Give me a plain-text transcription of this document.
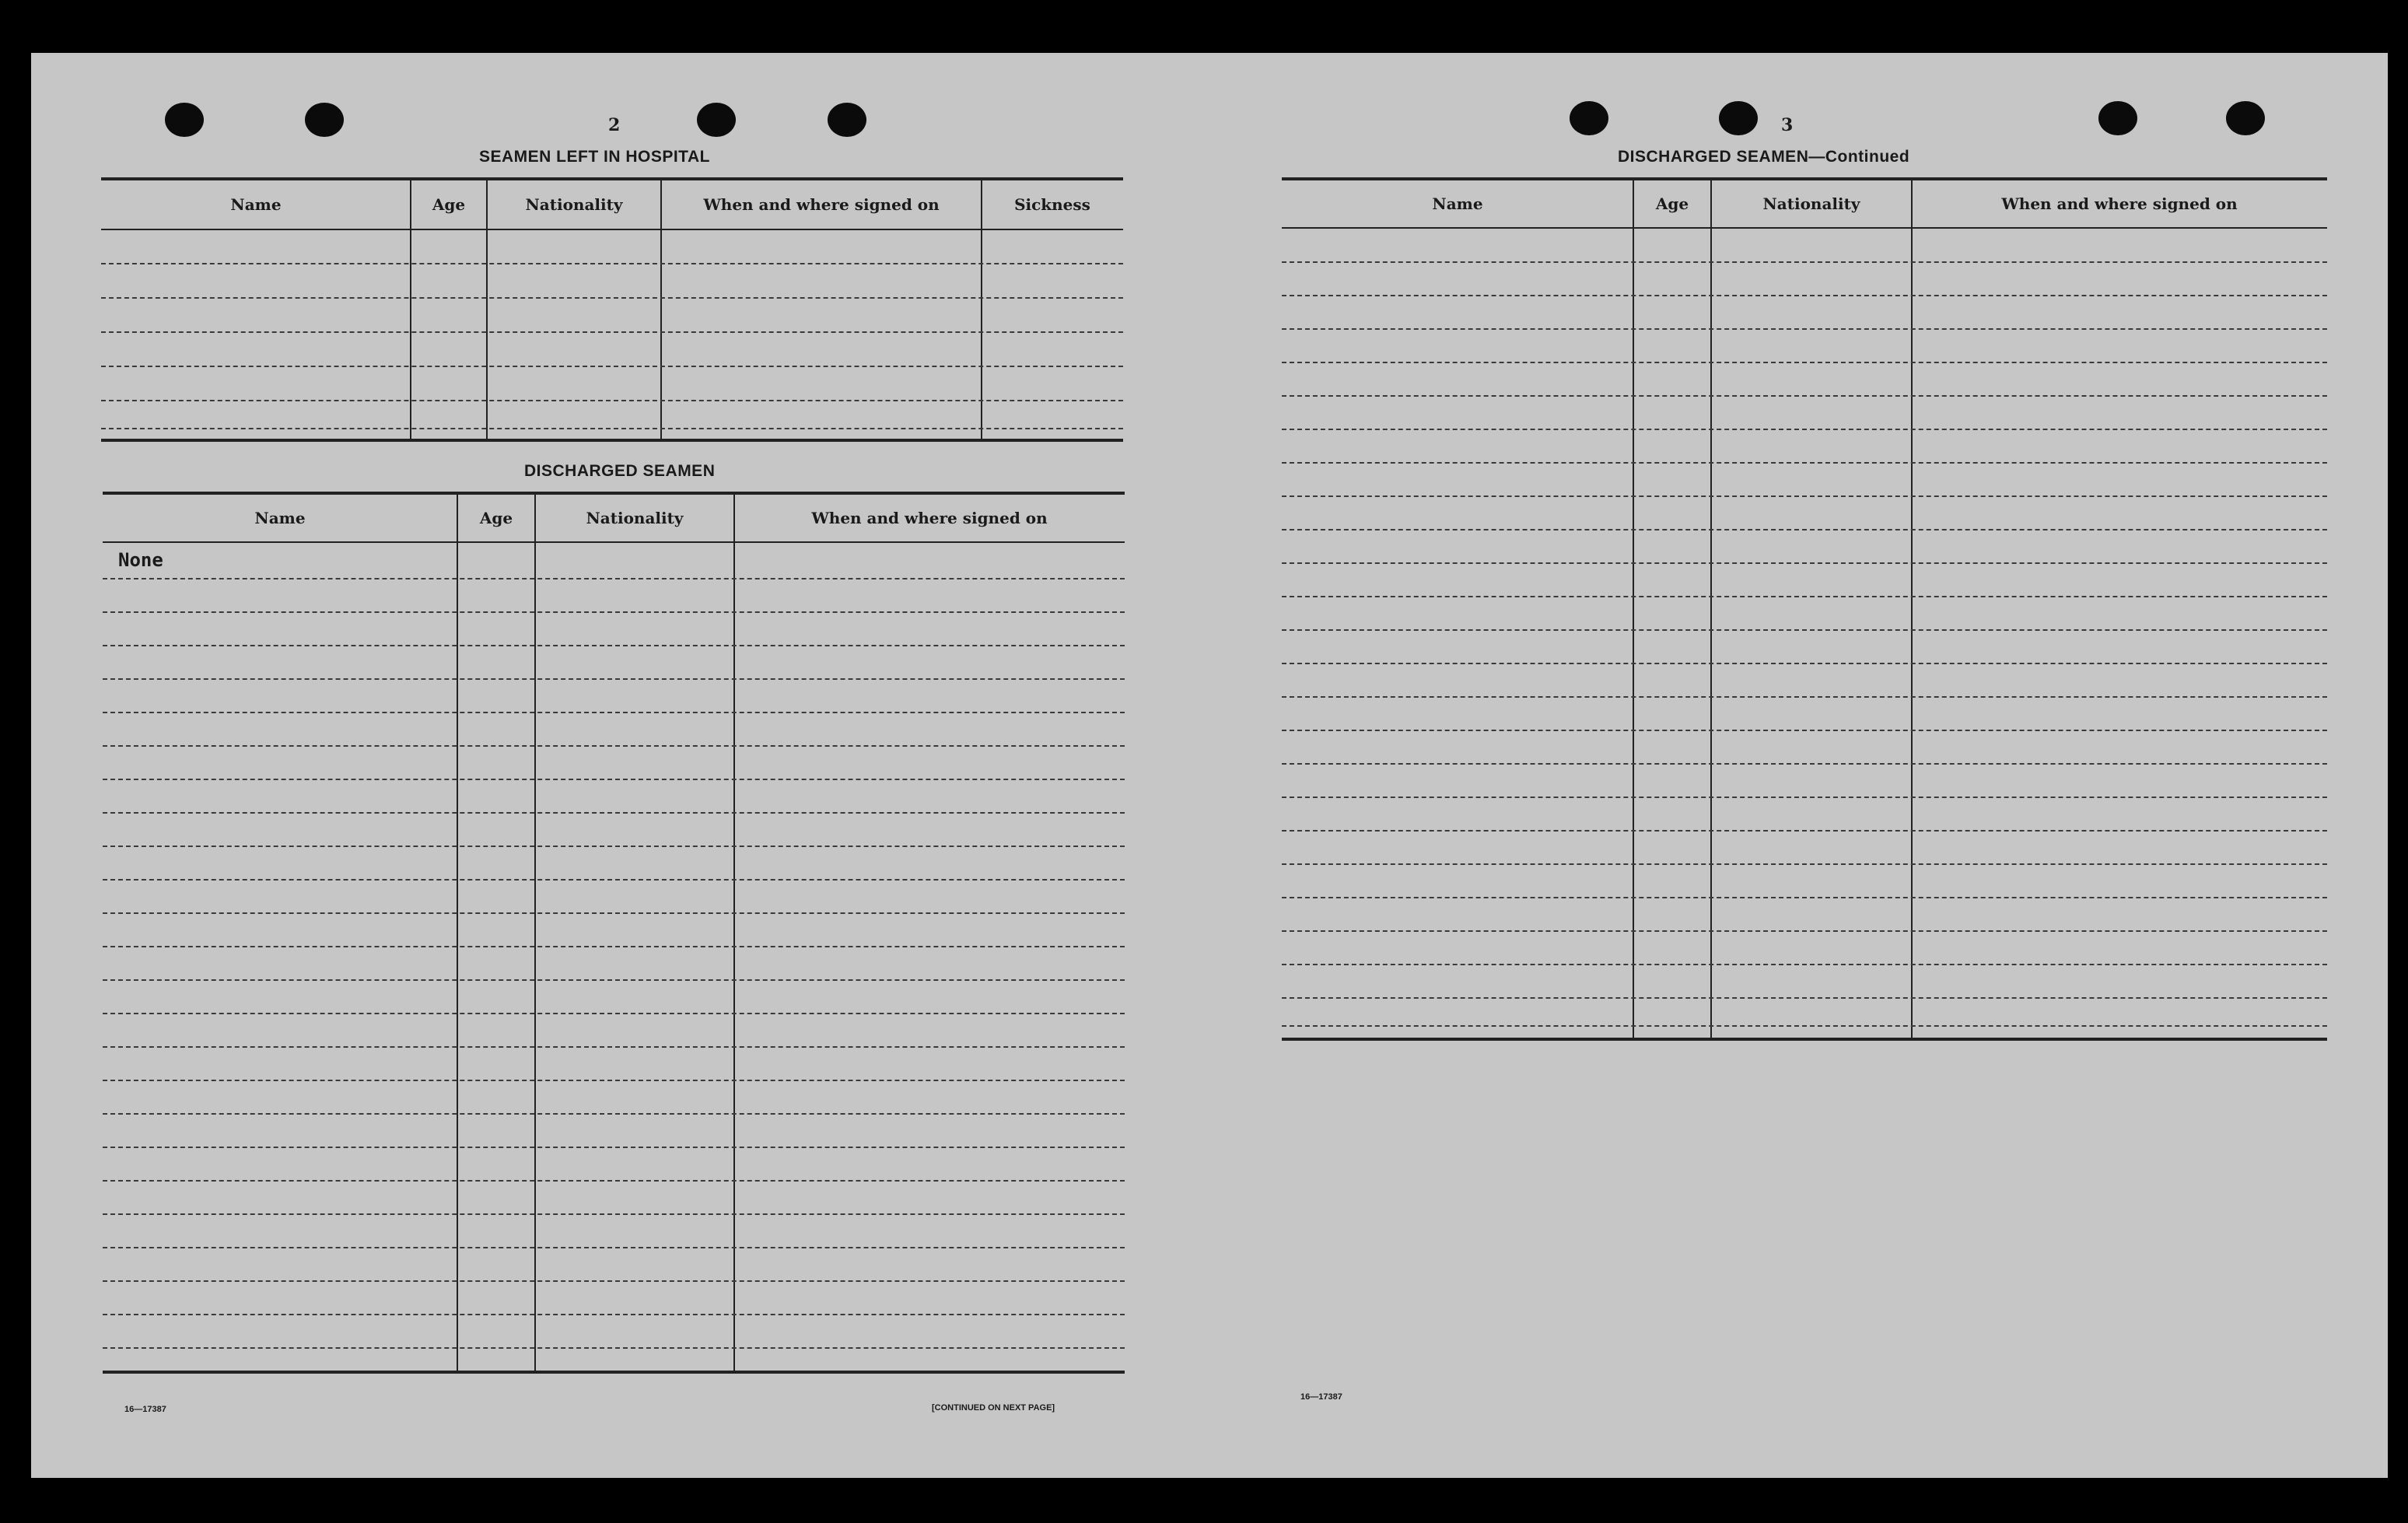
2
SEAMEN LEFT IN HOSPITAL
Name	Age	Nationality	When and where signed on	Sickness
DISCHARGED SEAMEN
Name	Age	Nationality	When and where signed on
None
16—17387	[CONTINUED ON NEXT PAGE]
3
DISCHARGED SEAMEN—Continued
Name	Age	Nationality	When and where signed on
16—17387
